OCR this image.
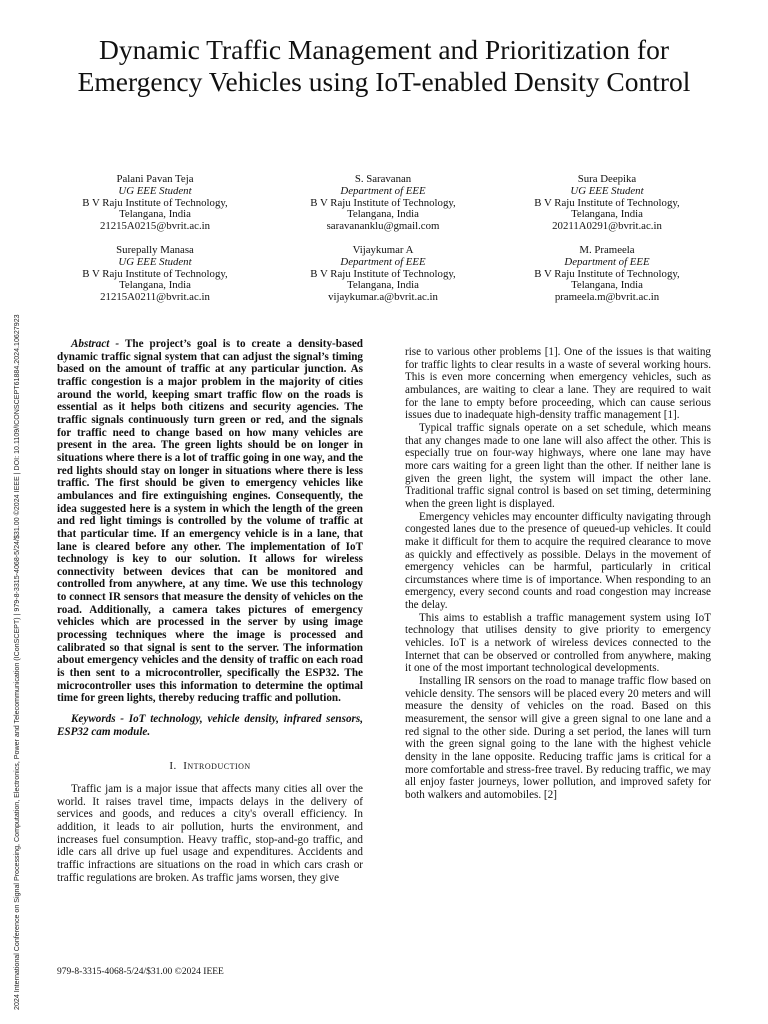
2024 International Conference on Signal Processing, Computation, Electronics, Power and Telecommunication (IConSCEPT) | 979-8-3315-4068-5/24/$31.00 ©2024 IEEE | DOI: 10.1109/ICONSCEPT61884.2024.10627923
Dynamic Traffic Management and Prioritization for Emergency Vehicles using IoT-enabled Density Control
Palani Pavan Teja
UG EEE Student
B V Raju Institute of Technology,
Telangana, India
21215A0215@bvrit.ac.in
S. Saravanan
Department of EEE
B V Raju Institute of Technology,
Telangana, India
saravananklu@gmail.com
Sura Deepika
UG EEE Student
B V Raju Institute of Technology,
Telangana, India
20211A0291@bvrit.ac.in
Surepally Manasa
UG EEE Student
B V Raju Institute of Technology,
Telangana, India
21215A0211@bvrit.ac.in
Vijaykumar A
Department of EEE
B V Raju Institute of Technology,
Telangana, India
vijaykumar.a@bvrit.ac.in
M. Prameela
Department of EEE
B V Raju Institute of Technology,
Telangana, India
prameela.m@bvrit.ac.in

Abstract - The project’s goal is to create a density-based dynamic traffic signal system that can adjust the signal’s timing based on the amount of traffic at any particular junction. As traffic congestion is a major problem in the majority of cities around the world, keeping smart traffic flow on the roads is essential as it helps both citizens and security agencies. The traffic signals continuously turn green or red, and the signals for traffic need to change based on how many vehicles are present in the area. The green lights should be on longer in situations where there is a lot of traffic going in one way, and the red lights should stay on longer in situations where there is less traffic. The first should be given to emergency vehicles like ambulances and fire extinguishing engines. Consequently, the idea suggested here is a system in which the length of the green and red light timings is controlled by the volume of traffic at that particular time. If an emergency vehicle is in a lane, that lane is cleared before any other. The implementation of IoT technology is key to our solution. It allows for wireless connectivity between devices that can be monitored and controlled from anywhere, at any time. We use this technology to connect IR sensors that measure the density of vehicles on the road. Additionally, a camera takes pictures of emergency vehicles which are processed in the server by using image processing techniques where the image is processed and calibrated so that signal is sent to the server. The information about emergency vehicles and the density of traffic on each road is then sent to a microcontroller, specifically the ESP32. The microcontroller uses this information to determine the optimal time for green lights, thereby reducing traffic and pollution.

Keywords - IoT technology, vehicle density, infrared sensors, ESP32 cam module.

I. Introduction

Traffic jam is a major issue that affects many cities all over the world. It raises travel time, impacts delays in the delivery of services and goods, and reduces a city's overall efficiency. In addition, it leads to air pollution, hurts the environment, and increases fuel consumption. Heavy traffic, stop-and-go traffic, and idle cars all drive up fuel usage and expenditures. Accidents and traffic infractions are situations on the road in which cars crash or traffic regulations are broken. As traffic jams worsen, they give

rise to various other problems [1]. One of the issues is that waiting for traffic lights to clear results in a waste of several working hours. This is even more concerning when emergency vehicles, such as ambulances, are waiting to clear a lane. They are required to wait for the lane to empty before proceeding, which can cause serious issues due to inadequate high-density traffic management [1].

Typical traffic signals operate on a set schedule, which means that any changes made to one lane will also affect the other. This is especially true on four-way highways, where one lane may have more cars waiting for a green light than the other. If neither lane is given the green light, the system will impact the other lane. Traditional traffic signal control is based on set timing, determining when the green light is displayed.

Emergency vehicles may encounter difficulty navigating through congested lanes due to the presence of queued-up vehicles. It could make it difficult for them to acquire the required clearance to move as quickly and effectively as possible. Delays in the movement of emergency vehicles can be harmful, particularly in critical circumstances where time is of importance. When responding to an emergency, every second counts and road congestion may increase the delay.

This aims to establish a traffic management system using IoT technology that utilises density to give priority to emergency vehicles. IoT is a network of wireless devices connected to the Internet that can be observed or controlled from anywhere, making it one of the most important technological developments.

Installing IR sensors on the road to manage traffic flow based on vehicle density. The sensors will be placed every 20 meters and will measure the density of vehicles on the road. Based on this measurement, the sensor will give a green signal to one lane and a red signal to the other side. During a set period, the lanes will turn with the green signal going to the lane with the highest vehicle density in the lane opposite. Reducing traffic jams is critical for a more comfortable and stress-free travel. By reducing traffic, we may all enjoy faster journeys, lower pollution, and improved safety for both walkers and automobiles. [2]

979-8-3315-4068-5/24/$31.00 ©2024 IEEE
